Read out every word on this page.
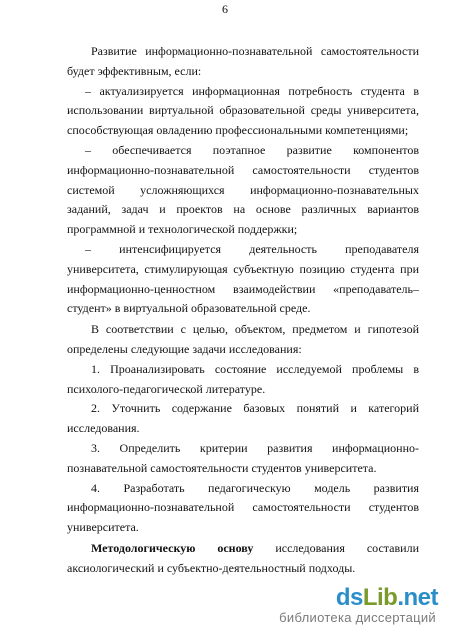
6
Развитие информационно-познавательной самостоятельности
будет эффективным, если:
– актуализируется информационная потребность студента в
использовании виртуальной образовательной среды университета,
способствующая овладению профессиональными компетенциями;
– обеспечивается поэтапное развитие компонентов
информационно-познавательной самостоятельности студентов
системой усложняющихся информационно-познавательных
заданий, задач и проектов на основе различных вариантов
программной и технологической поддержки;
– интенсифицируется деятельность преподавателя
университета, стимулирующая субъектную позицию студента при
информационно-ценностном взаимодействии «преподаватель–
студент» в виртуальной образовательной среде.
В соответствии с целью, объектом, предметом и гипотезой
определены следующие задачи исследования:
1. Проанализировать состояние исследуемой проблемы в
психолого-педагогической литературе.
2. Уточнить содержание базовых понятий и категорий
исследования.
3. Определить критерии развития информационно-
познавательной самостоятельности студентов университета.
4. Разработать педагогическую модель развития
информационно-познавательной самостоятельности студентов
университета.
Методологическую основу исследования составили
аксиологический и субъектно-деятельностный подходы.
ds Lib .net
библиотека диссертаций
